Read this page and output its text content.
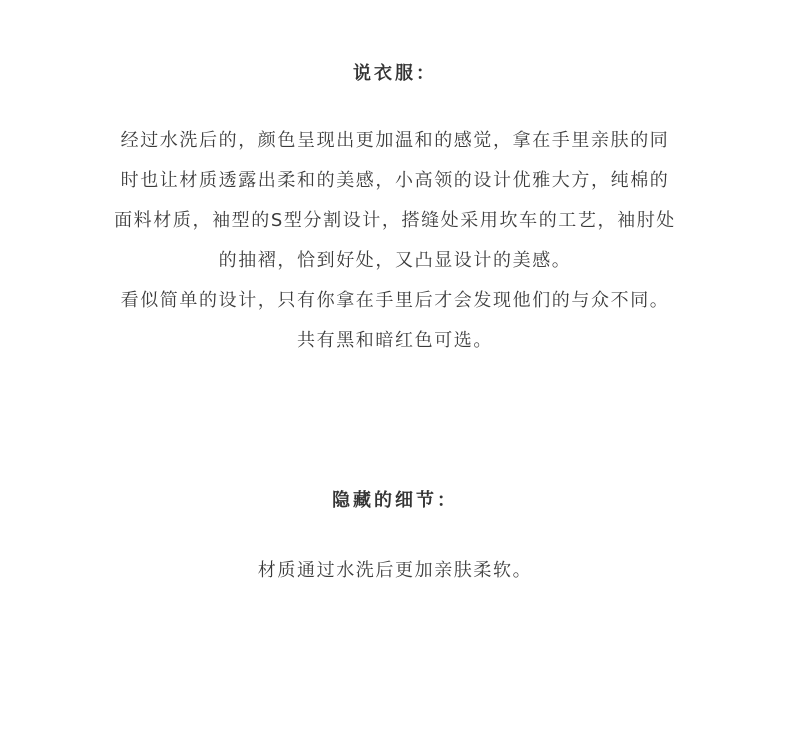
说衣服：
经过水洗后的，颜色呈现出更加温和的感觉，拿在手里亲肤的同
时也让材质透露出柔和的美感，小高领的设计优雅大方，纯棉的
面料材质，袖型的S型分割设计，搭缝处采用坎车的工艺，袖肘处
的抽褶，恰到好处，又凸显设计的美感。
看似简单的设计，只有你拿在手里后才会发现他们的与众不同。
共有黑和暗红色可选。
隐藏的细节：
材质通过水洗后更加亲肤柔软。
